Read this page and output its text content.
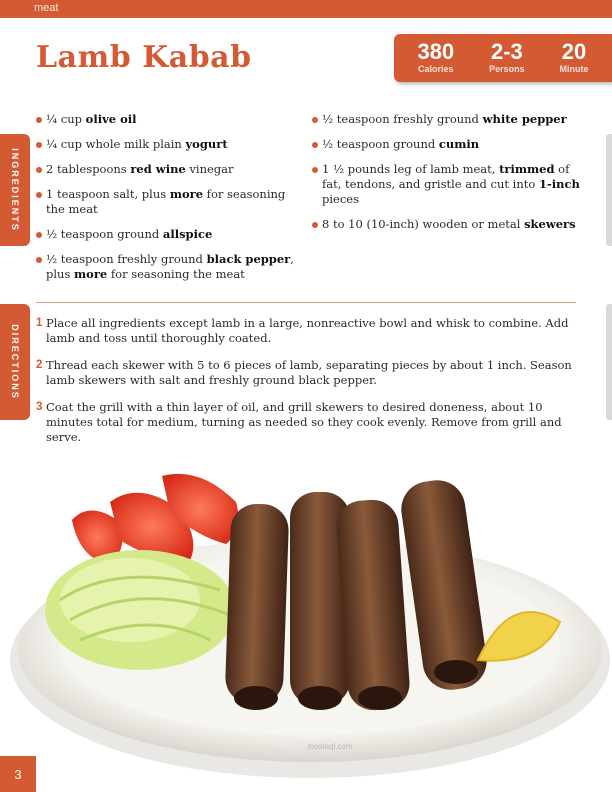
meat
Lamb Kabab	380
Calories
2-3
Persons
20
Minute
INGREDIENTS
DIRECTIONS
¼ cup olive oil
¼ cup whole milk plain yogurt
2 tablespoons red wine vinegar
1 teaspoon salt, plus more for seasoning the meat
½ teaspoon ground allspice
½ teaspoon freshly ground black pepper, plus more for seasoning the meat
½ teaspoon freshly ground white pepper
½ teaspoon ground cumin
1 ½ pounds leg of lamb meat, trimmed of fat, tendons, and gristle and cut into 1-inch pieces
8 to 10 (10-inch) wooden or metal skewers
1 Place all ingredients except lamb in a large, nonreactive bowl and whisk to combine. Add lamb and toss until thoroughly coated.
2 Thread each skewer with 5 to 6 pieces of lamb, separating pieces by about 1 inch. Season lamb skewers with salt and freshly ground black pepper.
3 Coat the grill with a thin layer of oil, and grill skewers to desired doneness, about 10 minutes total for medium, turning as needed so they cook evenly. Remove from grill and serve.
3
mostaql.com
